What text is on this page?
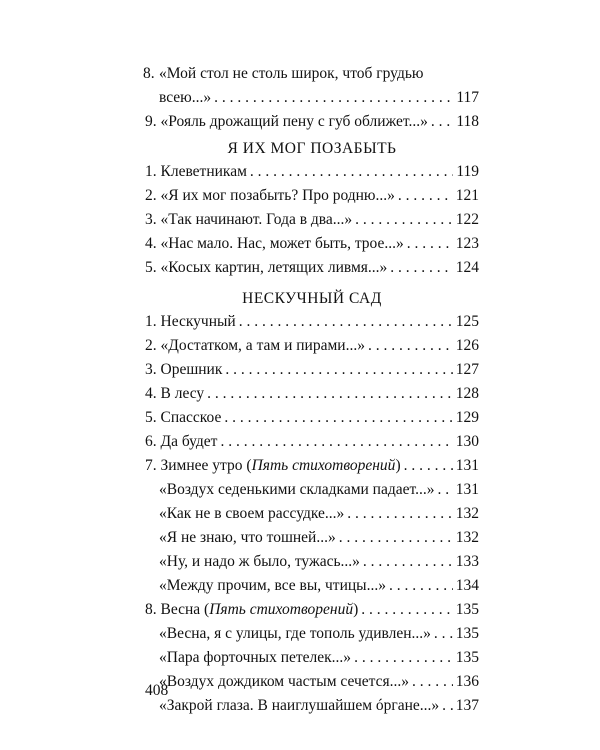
8. «Мой стол не столь широк, чтоб грудью
всею...» . . .	117
9. «Рояль дрожащий пену с губ оближет...» . . . 118
Я ИХ МОГ ПОЗАБЫТЬ
1. Клеветникам . . .	119
2. «Я их мог позабыть? Про родню...» . . .	121
3. «Так начинают. Года в два...» . . .	122
4. «Нас мало. Нас, может быть, трое...» . . .	123
5. «Косых картин, летящих ливмя...» . . .	124
НЕСКУЧНЫЙ САД
1. Нескучный . . .	125
2. «Достатком, а там и пирами...» . . .	126
3. Орешник . . .	127
4. В лесу . . .	128
5. Спасское . . .	129
6. Да будет . . .	130
7. Зимнее утро (Пять стихотворений) . . .	131
«Воздух седенькими складками падает...» . . . 131
«Как не в своем рассудке...» . . .	132
«Я не знаю, что тошней...» . . .	132
«Ну, и надо ж было, тужась...» . . .	133
«Между прочим, все вы, чтицы...» . . .	134
8. Весна (Пять стихотворений) . . .	135
«Весна, я с улицы, где тополь удивлен...» . . . 135
«Пара форточных петелек...» . . .	135
«Воздух дождиком частым сечется...» . . .	136
«Закрой глаза. В наиглушайшем óргане...» . . . 137
408
